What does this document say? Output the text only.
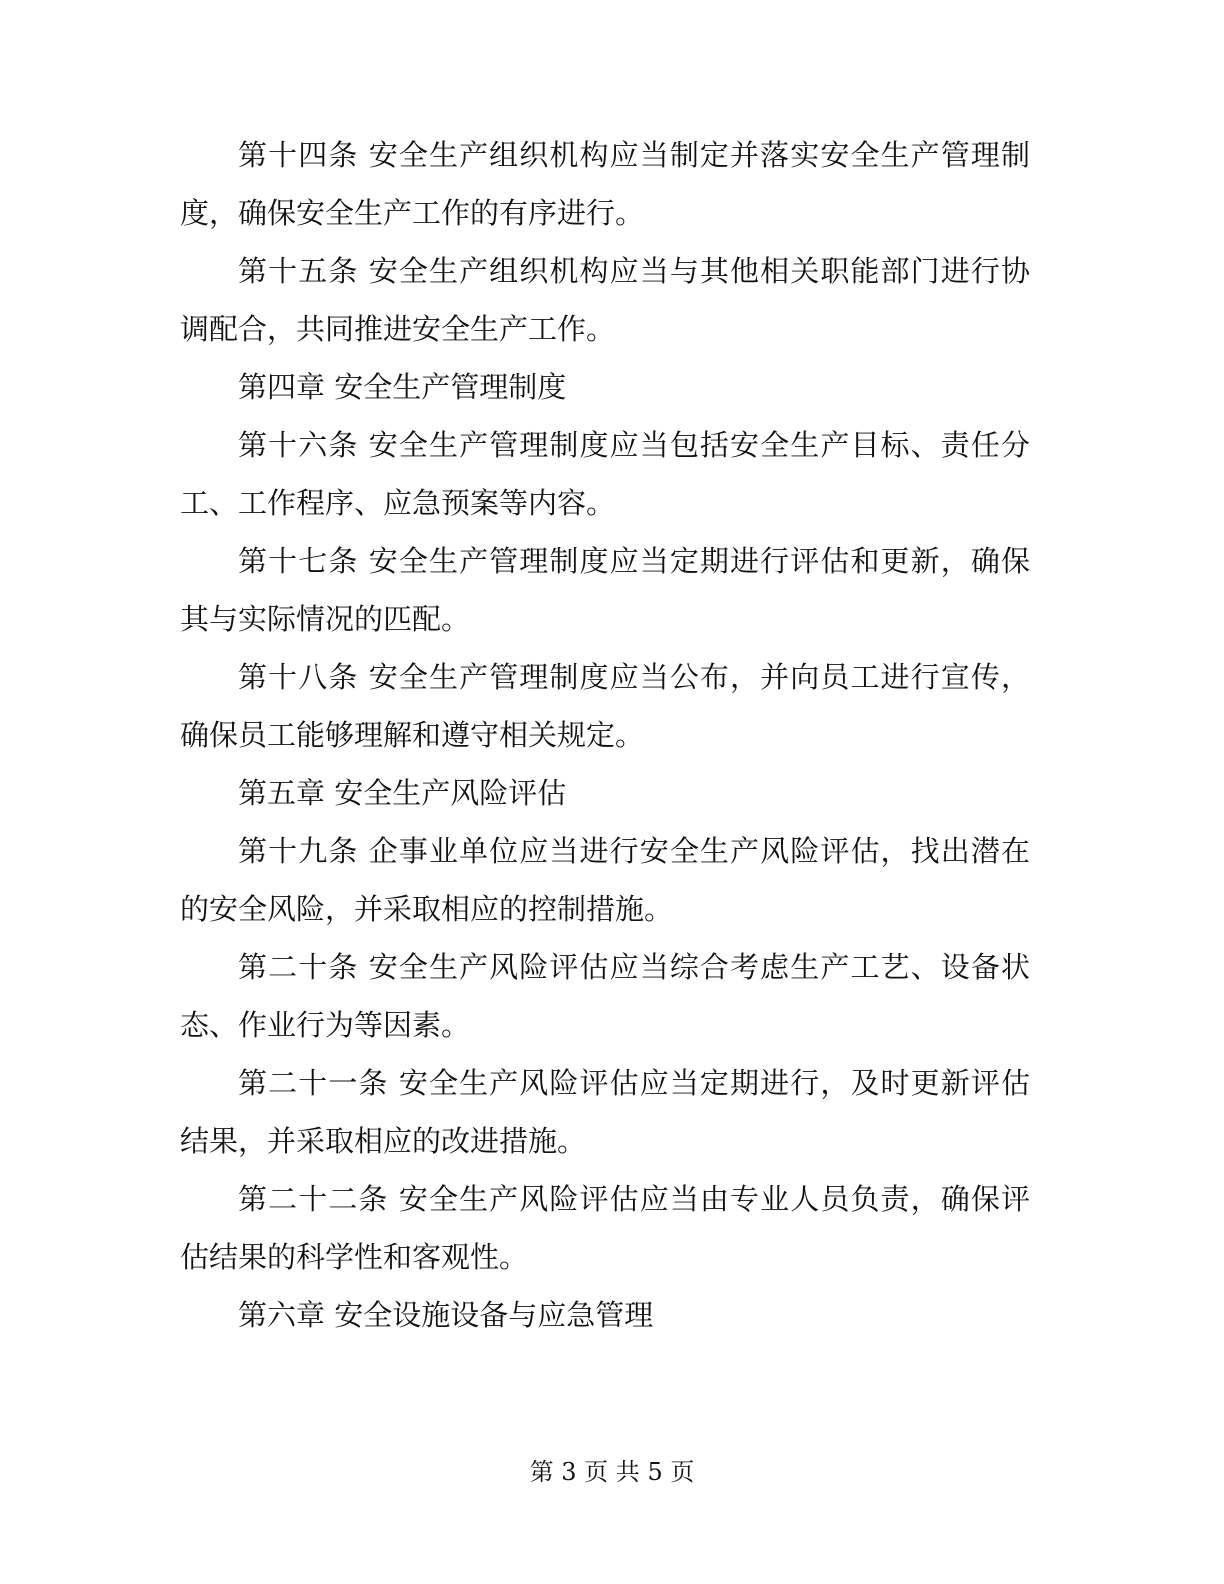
第十四条 安全生产组织机构应当制定并落实安全生产管理制度，确保安全生产工作的有序进行。

第十五条 安全生产组织机构应当与其他相关职能部门进行协调配合，共同推进安全生产工作。

第四章 安全生产管理制度

第十六条 安全生产管理制度应当包括安全生产目标、责任分工、工作程序、应急预案等内容。

第十七条 安全生产管理制度应当定期进行评估和更新，确保其与实际情况的匹配。

第十八条 安全生产管理制度应当公布，并向员工进行宣传，确保员工能够理解和遵守相关规定。

第五章 安全生产风险评估

第十九条 企事业单位应当进行安全生产风险评估，找出潜在的安全风险，并采取相应的控制措施。

第二十条 安全生产风险评估应当综合考虑生产工艺、设备状态、作业行为等因素。

第二十一条 安全生产风险评估应当定期进行，及时更新评估结果，并采取相应的改进措施。

第二十二条 安全生产风险评估应当由专业人员负责，确保评估结果的科学性和客观性。

第六章 安全设施设备与应急管理

第 3 页 共 5 页
